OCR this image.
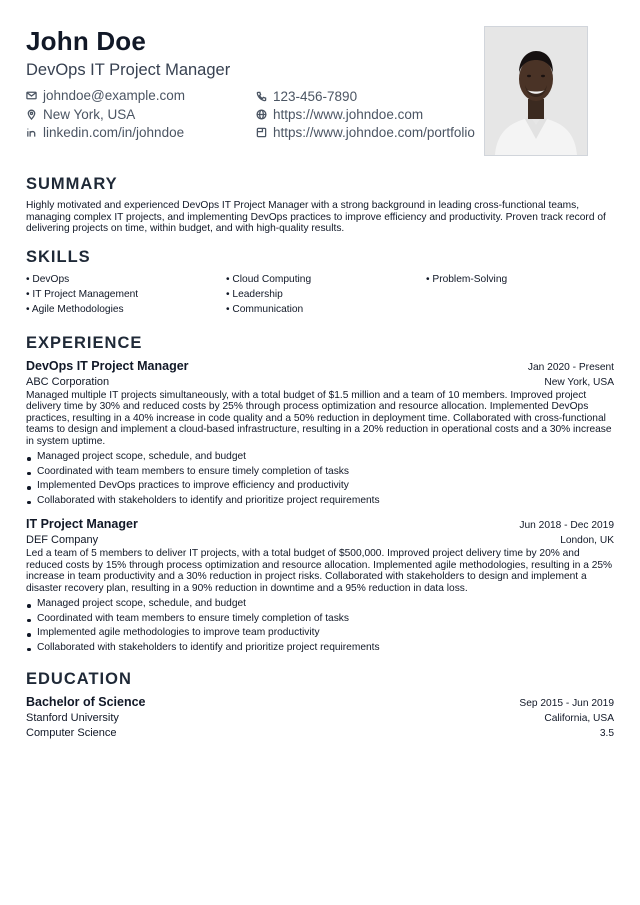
John Doe
DevOps IT Project Manager
johndoe@example.com	123-456-7890
New York, USA	https://www.johndoe.com
linkedin.com/in/johndoe	https://www.johndoe.com/portfolio
SUMMARY

Highly motivated and experienced DevOps IT Project Manager with a strong background in leading cross-functional teams, managing complex IT projects, and implementing DevOps practices to improve efficiency and productivity. Proven track record of delivering projects on time, within budget, and with high-quality results.

SKILLS
• DevOps
• IT Project Management
• Agile Methodologies
• Cloud Computing
• Leadership
• Communication
• Problem-Solving
EXPERIENCE
DevOps IT Project Manager	Jan 2020 - Present
ABC Corporation	New York, USA

Managed multiple IT projects simultaneously, with a total budget of $1.5 million and a team of 10 members. Improved project delivery time by 30% and reduced costs by 25% through process optimization and resource allocation. Implemented DevOps practices, resulting in a 40% increase in code quality and a 50% reduction in deployment time. Collaborated with cross-functional teams to design and implement a cloud-based infrastructure, resulting in a 20% reduction in operational costs and a 30% increase in system uptime.

Managed project scope, schedule, and budget
Coordinated with team members to ensure timely completion of tasks
Implemented DevOps practices to improve efficiency and productivity
Collaborated with stakeholders to identify and prioritize project requirements
IT Project Manager	Jun 2018 - Dec 2019
DEF Company	London, UK

Led a team of 5 members to deliver IT projects, with a total budget of $500,000. Improved project delivery time by 20% and reduced costs by 15% through process optimization and resource allocation. Implemented agile methodologies, resulting in a 25% increase in team productivity and a 30% reduction in project risks. Collaborated with stakeholders to design and implement a disaster recovery plan, resulting in a 90% reduction in downtime and a 95% reduction in data loss.

Managed project scope, schedule, and budget
Coordinated with team members to ensure timely completion of tasks
Implemented agile methodologies to improve team productivity
Collaborated with stakeholders to identify and prioritize project requirements
EDUCATION
Bachelor of Science	Sep 2015 - Jun 2019
Stanford University	California, USA
Computer Science	3.5
